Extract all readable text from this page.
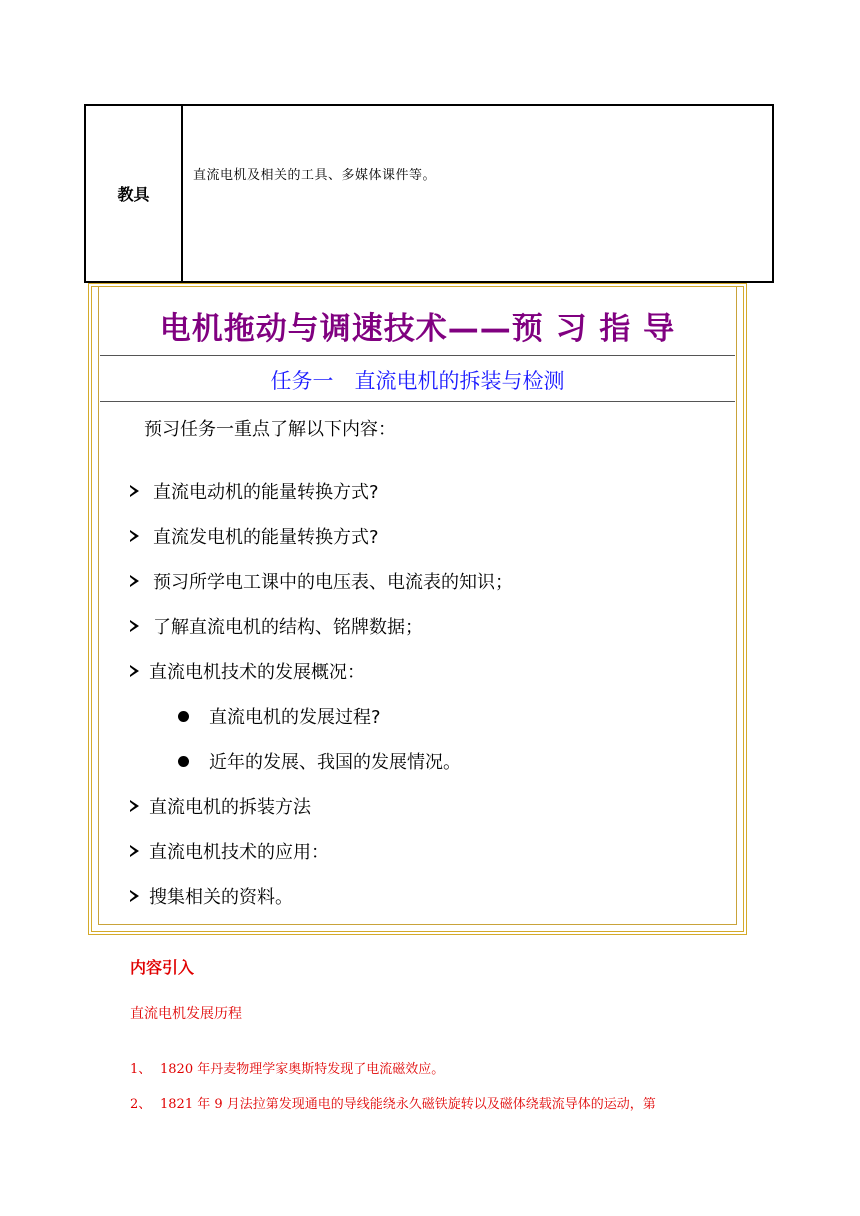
教具
直流电机及相关的工具、多媒体课件等。
电机拖动与调速技术——预 习 指 导
任务一　直流电机的拆装与检测
预习任务一重点了解以下内容：
直流电动机的能量转换方式?
直流发电机的能量转换方式?
预习所学电工课中的电压表、电流表的知识；
了解直流电机的结构、铭牌数据；
直流电机技术的发展概况：
直流电机的发展过程?
近年的发展、我国的发展情况。
直流电机的拆装方法
直流电机技术的应用：
搜集相关的资料。
内容引入
直流电机发展历程
1、 1820 年丹麦物理学家奥斯特发现了电流磁效应。
2、 1821 年 9 月法拉第发现通电的导线能绕永久磁铁旋转以及磁体绕载流导体的运动，第
